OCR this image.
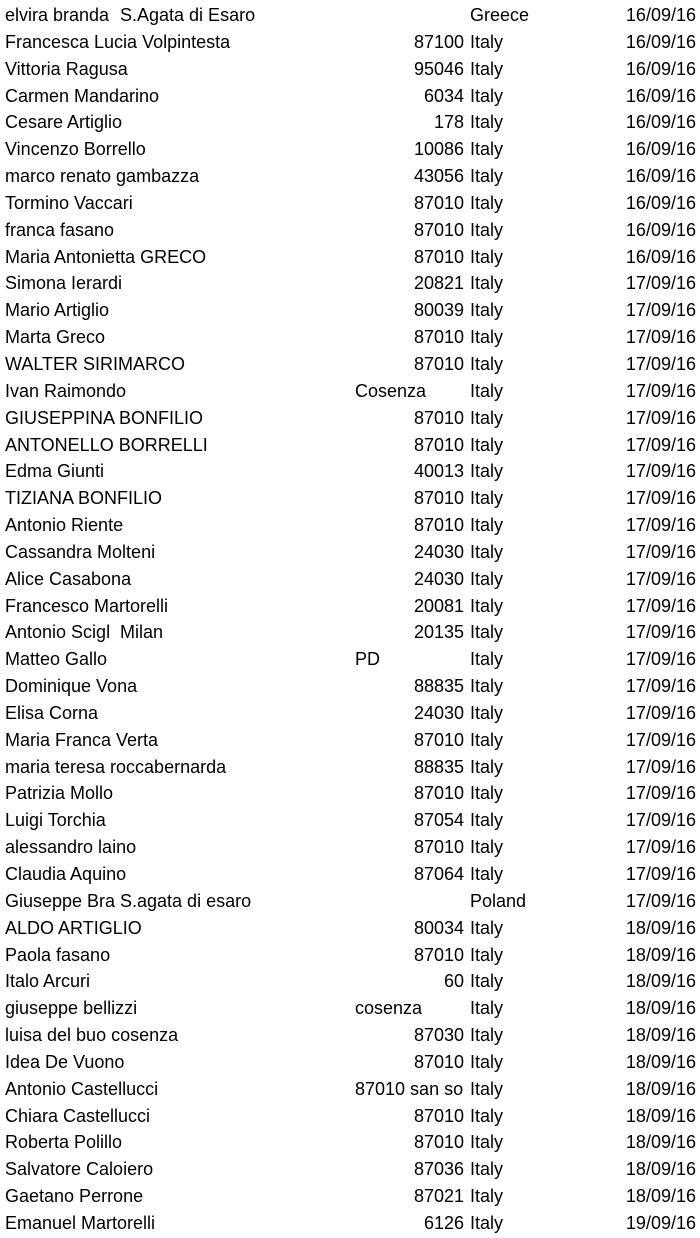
elvira branda S.Agata di Esaro	Greece	16/09/16
Francesca Lucia Volpintesta	87100 Italy	16/09/16
Vittoria Ragusa	95046 Italy	16/09/16
Carmen Mandarino	6034 Italy	16/09/16
Cesare Artiglio	178 Italy	16/09/16
Vincenzo Borrello	10086 Italy	16/09/16
marco renato gambazza	43056 Italy	16/09/16
Tormino Vaccari	87010 Italy	16/09/16
franca fasano	87010 Italy	16/09/16
Maria Antonietta GRECO	87010 Italy	16/09/16
Simona Ierardi	20821 Italy	17/09/16
Mario Artiglio	80039 Italy	17/09/16
Marta Greco	87010 Italy	17/09/16
WALTER SIRIMARCO	87010 Italy	17/09/16
Ivan Raimondo	Cosenza	Italy	17/09/16
GIUSEPPINA BONFILIO	87010 Italy	17/09/16
ANTONELLO BORRELLI	87010 Italy	17/09/16
Edma Giunti	40013 Italy	17/09/16
TIZIANA BONFILIO	87010 Italy	17/09/16
Antonio Riente	87010 Italy	17/09/16
Cassandra Molteni	24030 Italy	17/09/16
Alice Casabona	24030 Italy	17/09/16
Francesco Martorelli	20081 Italy	17/09/16
Antonio Scigl Milan	20135 Italy	17/09/16
Matteo Gallo	PD	Italy	17/09/16
Dominique Vona	88835 Italy	17/09/16
Elisa Corna	24030 Italy	17/09/16
Maria Franca Verta	87010 Italy	17/09/16
maria teresa roccabernarda	88835 Italy	17/09/16
Patrizia Mollo	87010 Italy	17/09/16
Luigi Torchia	87054 Italy	17/09/16
alessandro laino	87010 Italy	17/09/16
Claudia Aquino	87064 Italy	17/09/16
Giuseppe Bra S.agata di esaro	Poland	17/09/16
ALDO ARTIGLIO	80034 Italy	18/09/16
Paola fasano	87010 Italy	18/09/16
Italo Arcuri	60 Italy	18/09/16
giuseppe bellizzi	cosenza	Italy	18/09/16
luisa del buo cosenza	87030 Italy	18/09/16
Idea De Vuono	87010 Italy	18/09/16
Antonio Castellucci	87010 san so Italy	18/09/16
Chiara Castellucci	87010 Italy	18/09/16
Roberta Polillo	87010 Italy	18/09/16
Salvatore Caloiero	87036 Italy	18/09/16
Gaetano Perrone	87021 Italy	18/09/16
Emanuel Martorelli	6126 Italy	19/09/16
